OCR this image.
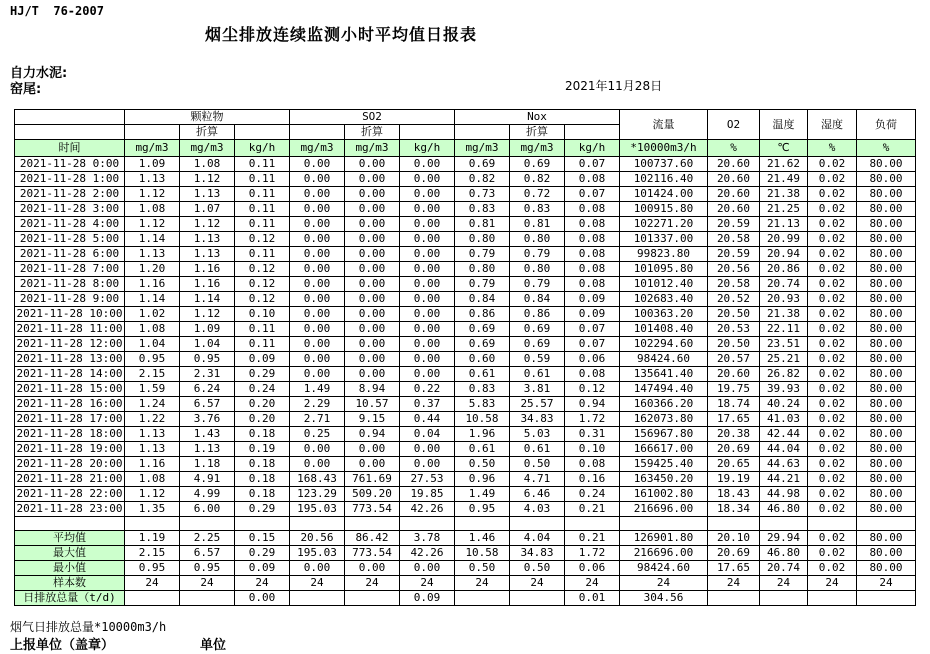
HJ/T  76-2007
烟尘排放连续监测小时平均值日报表
自力水泥:
窑尾:	2021年11月28日
	颗粒物			SO2			Nox			流量	O2	温度	湿度	负荷
		折算			折算			折算						
时间	mg/m3	mg/m3	kg/h	mg/m3	mg/m3	kg/h	mg/m3	mg/m3	kg/h	*10000m3/h	%	℃	%	%
2021-11-28 0:00	1.09	1.08	0.11	0.00	0.00	0.00	0.69	0.69	0.07	100737.60	20.60	21.62	0.02	80.00
2021-11-28 1:00	1.13	1.12	0.11	0.00	0.00	0.00	0.82	0.82	0.08	102116.40	20.60	21.49	0.02	80.00
2021-11-28 2:00	1.12	1.13	0.11	0.00	0.00	0.00	0.73	0.72	0.07	101424.00	20.60	21.38	0.02	80.00
2021-11-28 3:00	1.08	1.07	0.11	0.00	0.00	0.00	0.83	0.83	0.08	100915.80	20.60	21.25	0.02	80.00
2021-11-28 4:00	1.12	1.12	0.11	0.00	0.00	0.00	0.81	0.81	0.08	102271.20	20.59	21.13	0.02	80.00
2021-11-28 5:00	1.14	1.13	0.12	0.00	0.00	0.00	0.80	0.80	0.08	101337.00	20.58	20.99	0.02	80.00
2021-11-28 6:00	1.13	1.13	0.11	0.00	0.00	0.00	0.79	0.79	0.08	99823.80	20.59	20.94	0.02	80.00
2021-11-28 7:00	1.20	1.16	0.12	0.00	0.00	0.00	0.80	0.80	0.08	101095.80	20.56	20.86	0.02	80.00
2021-11-28 8:00	1.16	1.16	0.12	0.00	0.00	0.00	0.79	0.79	0.08	101012.40	20.58	20.74	0.02	80.00
2021-11-28 9:00	1.14	1.14	0.12	0.00	0.00	0.00	0.84	0.84	0.09	102683.40	20.52	20.93	0.02	80.00
2021-11-28 10:00	1.02	1.12	0.10	0.00	0.00	0.00	0.86	0.86	0.09	100363.20	20.50	21.38	0.02	80.00
2021-11-28 11:00	1.08	1.09	0.11	0.00	0.00	0.00	0.69	0.69	0.07	101408.40	20.53	22.11	0.02	80.00
2021-11-28 12:00	1.04	1.04	0.11	0.00	0.00	0.00	0.69	0.69	0.07	102294.60	20.50	23.51	0.02	80.00
2021-11-28 13:00	0.95	0.95	0.09	0.00	0.00	0.00	0.60	0.59	0.06	98424.60	20.57	25.21	0.02	80.00
2021-11-28 14:00	2.15	2.31	0.29	0.00	0.00	0.00	0.61	0.61	0.08	135641.40	20.60	26.82	0.02	80.00
2021-11-28 15:00	1.59	6.24	0.24	1.49	8.94	0.22	0.83	3.81	0.12	147494.40	19.75	39.93	0.02	80.00
2021-11-28 16:00	1.24	6.57	0.20	2.29	10.57	0.37	5.83	25.57	0.94	160366.20	18.74	40.24	0.02	80.00
2021-11-28 17:00	1.22	3.76	0.20	2.71	9.15	0.44	10.58	34.83	1.72	162073.80	17.65	41.03	0.02	80.00
2021-11-28 18:00	1.13	1.43	0.18	0.25	0.94	0.04	1.96	5.03	0.31	156967.80	20.38	42.44	0.02	80.00
2021-11-28 19:00	1.13	1.13	0.19	0.00	0.00	0.00	0.61	0.61	0.10	166617.00	20.69	44.04	0.02	80.00
2021-11-28 20:00	1.16	1.18	0.18	0.00	0.00	0.00	0.50	0.50	0.08	159425.40	20.65	44.63	0.02	80.00
2021-11-28 21:00	1.08	4.91	0.18	168.43	761.69	27.53	0.96	4.71	0.16	163450.20	19.19	44.21	0.02	80.00
2021-11-28 22:00	1.12	4.99	0.18	123.29	509.20	19.85	1.49	6.46	0.24	161002.80	18.43	44.98	0.02	80.00
2021-11-28 23:00	1.35	6.00	0.29	195.03	773.54	42.26	0.95	4.03	0.21	216696.00	18.34	46.80	0.02	80.00

平均值	1.19	2.25	0.15	20.56	86.42	3.78	1.46	4.04	0.21	126901.80	20.10	29.94	0.02	80.00
最大值	2.15	6.57	0.29	195.03	773.54	42.26	10.58	34.83	1.72	216696.00	20.69	46.80	0.02	80.00
最小值	0.95	0.95	0.09	0.00	0.00	0.00	0.50	0.50	0.06	98424.60	17.65	20.74	0.02	80.00
样本数	24	24	24	24	24	24	24	24	24	24	24	24	24	24
日排放总量（t/d)			0.00			0.09			0.01	304.56				
烟气日排放总量*10000m3/h
上报单位（盖章）	单位
